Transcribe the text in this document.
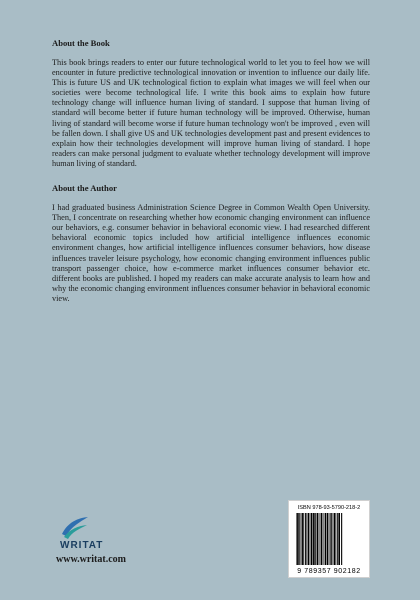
About the Book

This book brings readers to enter our future technological world to let you to feel how we will encounter in future predictive technological innovation or invention to influence our daily life. This is future US and UK technological fiction to explain what images we will feel when our societies were become technological life. I write this book aims to explain how future technology change will influence human living of standard. I suppose that human living of standard will become better if future human technology will be improved. Otherwise, human living of standard will become worse if future human technology won't be improved , even will be fallen down. I shall give US and UK technologies development past and present evidences to explain how their technologies development will improve human living of standard. I hope readers can make personal judgment to evaluate whether technology development will improve human living of standard.

About the Author

I had graduated business Administration Science Degree in Common Wealth Open University. Then, I concentrate on researching whether how economic changing environment can influence our behaviors, e.g. consumer behavior in behavioral economic view. I had researched different behavioral economic topics included how artificial intelligence influences economic environment changes, how artificial intelligence influences consumer behaviors, how disease influences traveler leisure psychology, how economic changing environment influences public transport passenger choice, how e-commerce market influences consumer behavior etc. different books are published. I hoped my readers can make accurate analysis to learn how and why the economic changing environment influences consumer behavior in behavioral economic view.

WRITAT
www.writat.com
ISBN 978-93-5790-218-2
9 789357 902182
